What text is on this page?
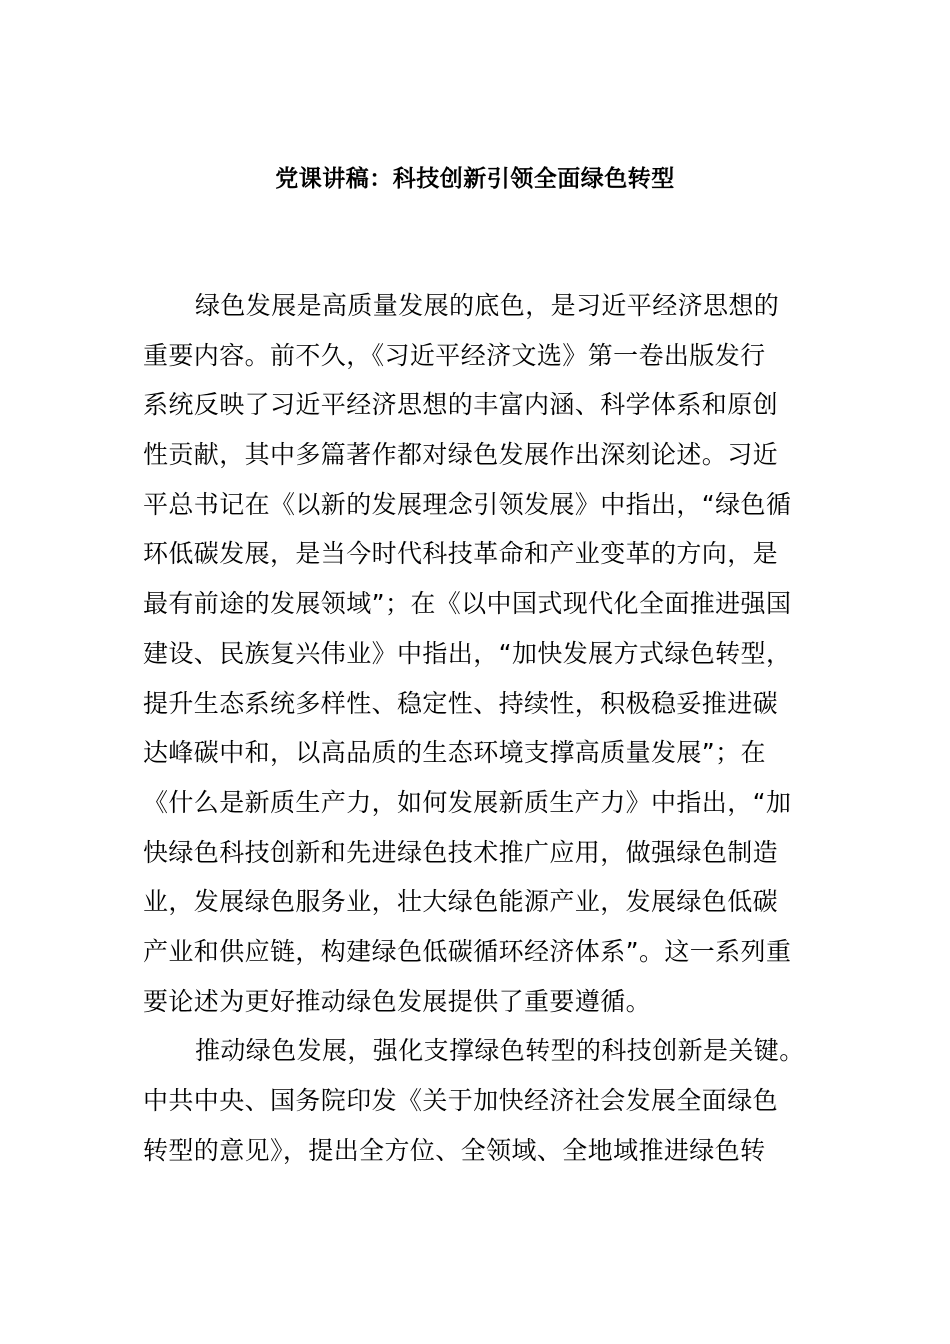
党课讲稿：科技创新引领全面绿色转型
绿色发展是高质量发展的底色，是习近平经济思想的
重要内容。前不久，《习近平经济文选》第一卷出版发行
系统反映了习近平经济思想的丰富内涵、科学体系和原创
性贡献，其中多篇著作都对绿色发展作出深刻论述。习近
平总书记在《以新的发展理念引领发展》中指出，“绿色循
环低碳发展，是当今时代科技革命和产业变革的方向，是
最有前途的发展领域”；在《以中国式现代化全面推进强国
建设、民族复兴伟业》中指出，“加快发展方式绿色转型，
提升生态系统多样性、稳定性、持续性，积极稳妥推进碳
达峰碳中和，以高品质的生态环境支撑高质量发展”；在
《什么是新质生产力，如何发展新质生产力》中指出，“加
快绿色科技创新和先进绿色技术推广应用，做强绿色制造
业，发展绿色服务业，壮大绿色能源产业，发展绿色低碳
产业和供应链，构建绿色低碳循环经济体系”。这一系列重
要论述为更好推动绿色发展提供了重要遵循。
推动绿色发展，强化支撑绿色转型的科技创新是关键。
中共中央、国务院印发《关于加快经济社会发展全面绿色
转型的意见》，提出全方位、全领域、全地域推进绿色转
